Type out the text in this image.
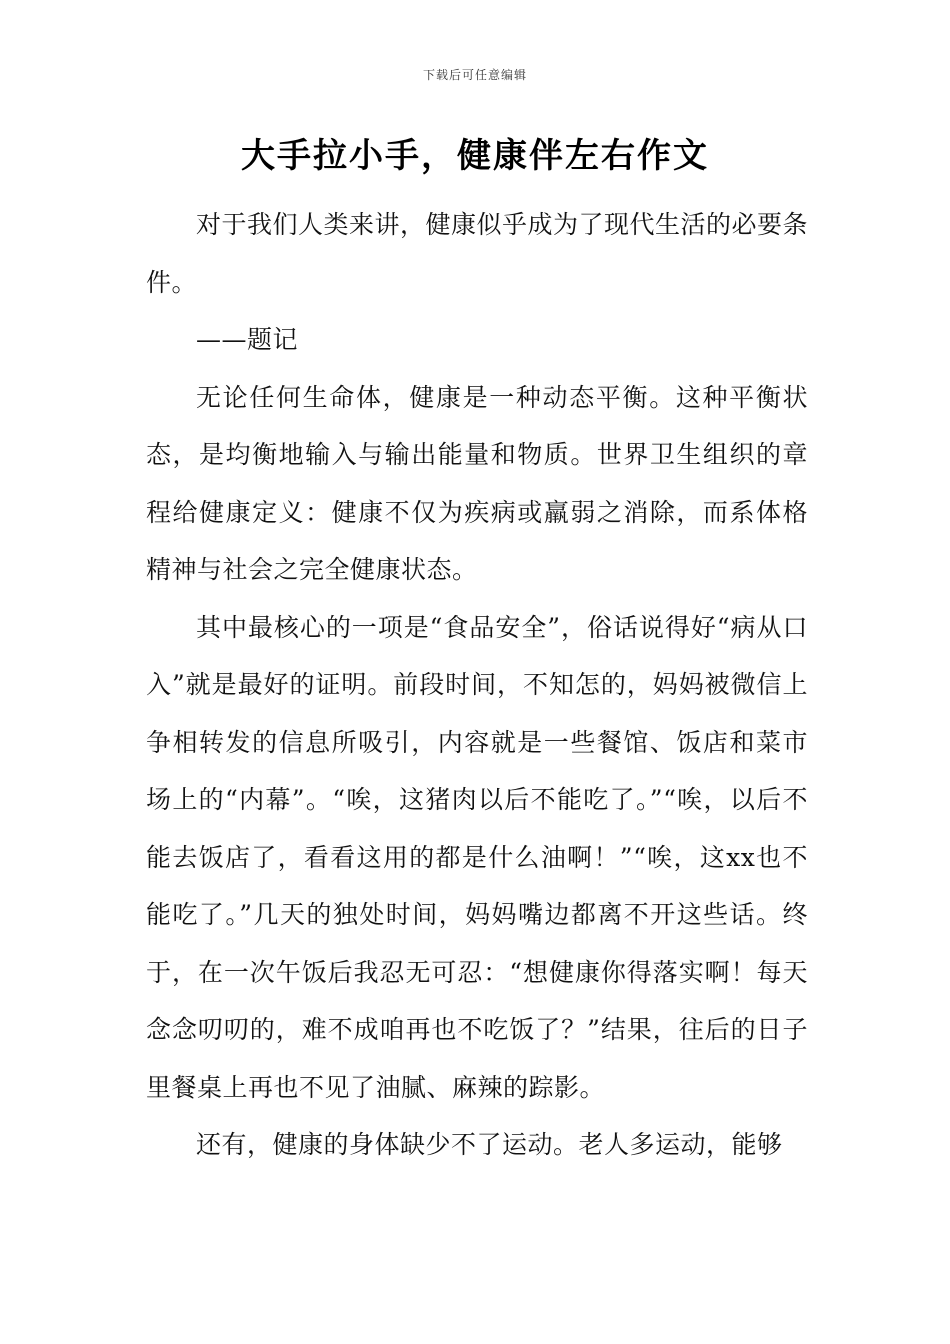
下载后可任意编辑
大手拉小手，健康伴左右作文

对于我们人类来讲，健康似乎成为了现代生活的必要条件。

——题记

无论任何生命体，健康是一种动态平衡。这种平衡状态，是均衡地输入与输出能量和物质。世界卫生组织的章程给健康定义：健康不仅为疾病或羸弱之消除，而系体格精神与社会之完全健康状态。

其中最核心的一项是“食品安全”，俗话说得好“病从口入”就是最好的证明。前段时间，不知怎的，妈妈被微信上争相转发的信息所吸引，内容就是一些餐馆、饭店和菜市场上的“内幕”。“唉，这猪肉以后不能吃了。”“唉，以后不能去饭店了，看看这用的都是什么油啊！”“唉，这xx也不能吃了。”几天的独处时间，妈妈嘴边都离不开这些话。终于，在一次午饭后我忍无可忍：“想健康你得落实啊！每天念念叨叨的，难不成咱再也不吃饭了？”结果，往后的日子里餐桌上再也不见了油腻、麻辣的踪影。

还有，健康的身体缺少不了运动。老人多运动，能够
